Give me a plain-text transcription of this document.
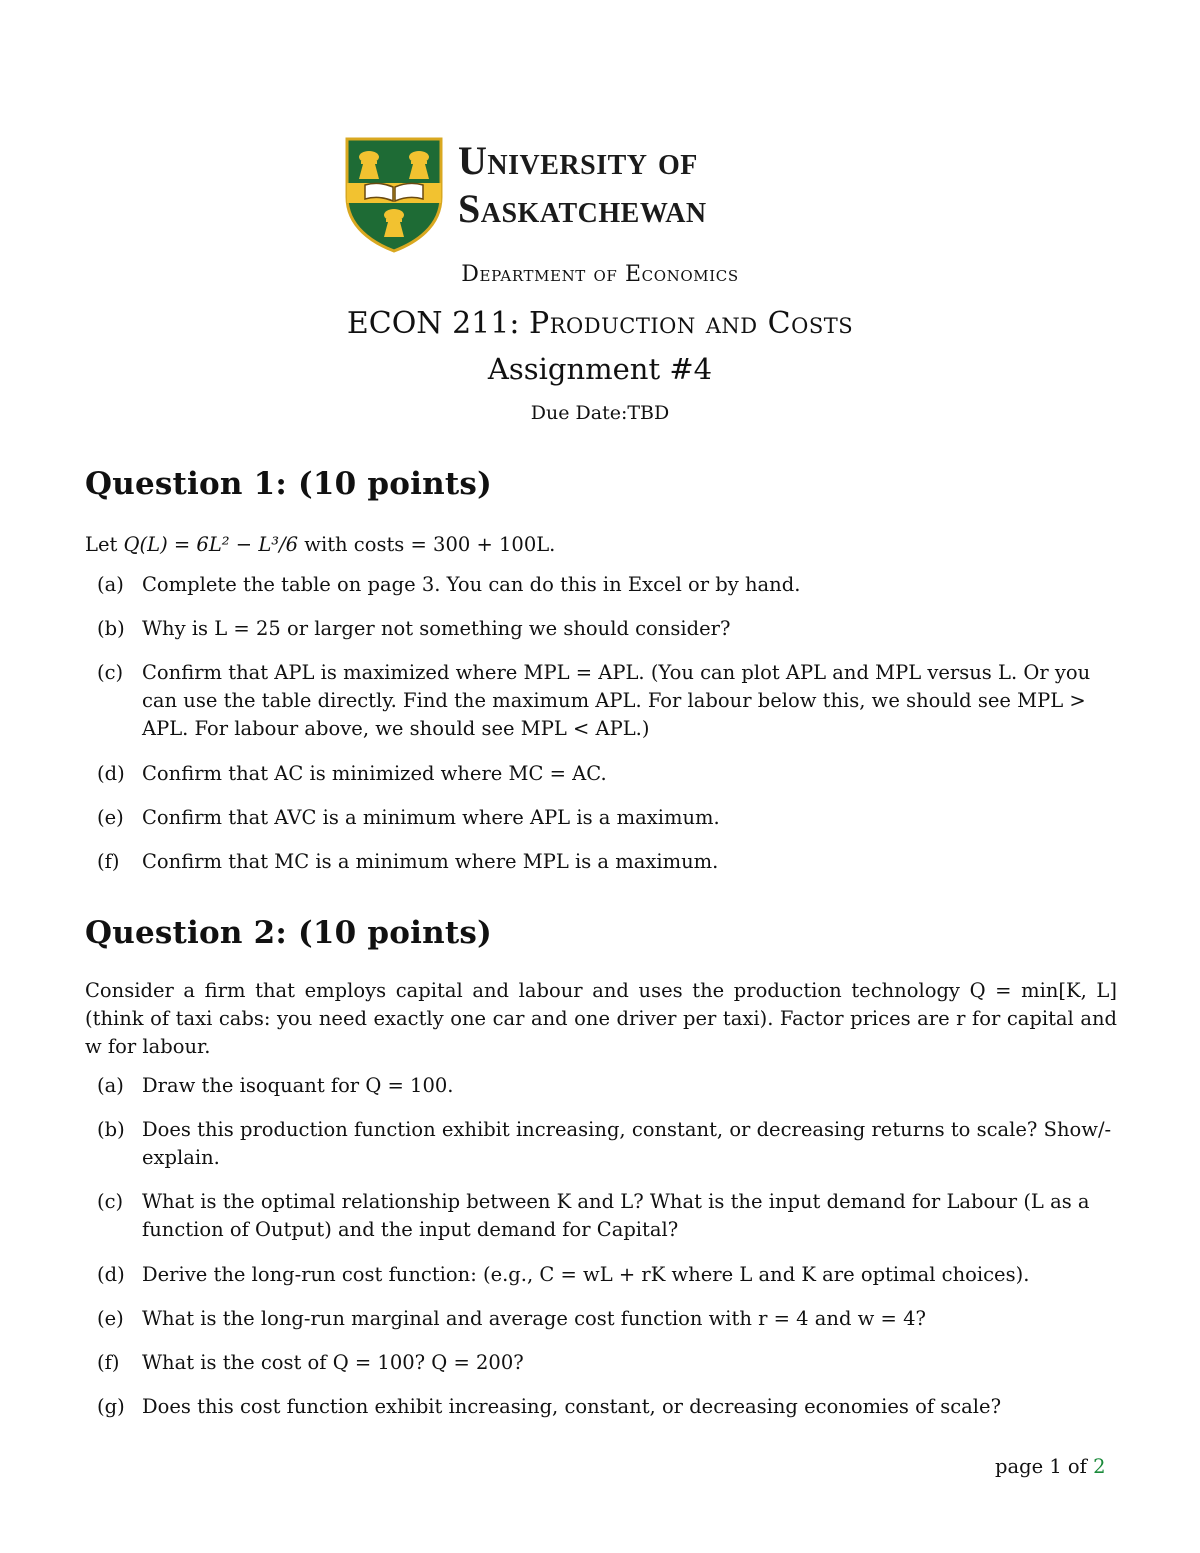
University of
Saskatchewan
Department of Economics
ECON 211: Production and Costs
Assignment #4
Due Date:TBD
Question 1: (10 points)
Let Q(L) = 6L² − L³/6 with costs = 300 + 100L.
(a) Complete the table on page 3. You can do this in Excel or by hand.
(b) Why is L = 25 or larger not something we should consider?
(c) Confirm that APL is maximized where MPL = APL. (You can plot APL and MPL versus L. Or you can use the table directly. Find the maximum APL. For labour below this, we should see MPL > APL. For labour above, we should see MPL < APL.)
(d) Confirm that AC is minimized where MC = AC.
(e) Confirm that AVC is a minimum where APL is a maximum.
(f)	Confirm that MC is a minimum where MPL is a maximum.
Question 2: (10 points)
Consider a firm that employs capital and labour and uses the production technology Q = min[K, L] (think of taxi cabs: you need exactly one car and one driver per taxi). Factor prices are r for capital and w for labour.
(a) Draw the isoquant for Q = 100.
(b) Does this production function exhibit increasing, constant, or decreasing returns to scale? Show/-explain.
(c) What is the optimal relationship between K and L? What is the input demand for Labour (L as a function of Output) and the input demand for Capital?
(d) Derive the long-run cost function: (e.g., C = wL + rK where L and K are optimal choices).
(e) What is the long-run marginal and average cost function with r = 4 and w = 4?
(f)	What is the cost of Q = 100? Q = 200?
(g) Does this cost function exhibit increasing, constant, or decreasing economies of scale?
page 1 of 2
